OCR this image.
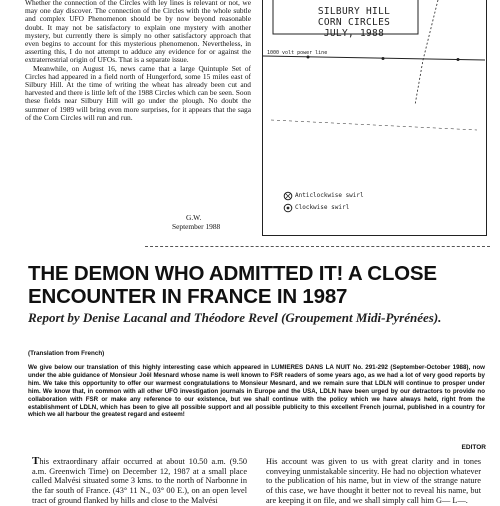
Whether the connection of the Circles with ley lines is relevant or not, we may one day discover. The connection of the Circles with the whole subtle and complex UFO Phenomenon should be by now beyond reasonable doubt. It may not be satisfactory to explain one mystery with another mystery, but currently there is simply no other satisfactory approach that even begins to account for this mysterious phenomenon. Nevertheless, in asserting this, I do not attempt to adduce any evidence for or against the extraterrestrial origin of UFOs. That is a separate issue.

Meanwhile, on August 16, news came that a large Quintuple Set of Circles had appeared in a field north of Hungerford, some 15 miles east of Silbury Hill. At the time of writing the wheat has already been cut and harvested and there is little left of the 1988 Circles which can be seen. Soon these fields near Silbury Hill will go under the plough. No doubt the summer of 1989 will bring even more surprises, for it appears that the saga of the Corn Circles will run and run.

G.W.
September 1988
SILBURY HILL
CORN CIRCLES
JULY, 1988
1000 volt power line
Anticlockwise swirl
Clockwise swirl
THE DEMON WHO ADMITTED IT! A CLOSE ENCOUNTER IN FRANCE IN 1987
Report by Denise Lacanal and Théodore Revel (Groupement Midi-Pyrénées).
(Translation from French)
We give below our translation of this highly interesting case which appeared in LUMIERES DANS LA NUIT No. 291-292 (September-October 1988), now under the able guidance of Monsieur Joël Mesnard whose name is well known to FSR readers of some years ago, as we had a lot of very good reports by him. We take this opportunity to offer our warmest congratulations to Monsieur Mesnard, and we remain sure that LDLN will continue to prosper under him. We know that, in common with all other UFO investigation journals in Europe and the USA, LDLN have been urged by our detractors to provide no collaboration with FSR or make any reference to our existence, but we shall continue with the policy which we have always held, right from the establishment of LDLN, which has been to give all possible support and all possible publicity to this excellent French journal, published in a country for which we all harbour the greatest regard and esteem!
EDITOR
This extraordinary affair occurred at about 10.50 a.m. (9.50 a.m. Greenwich Time) on December 12, 1987 at a small place called Malvési situated some 3 kms. to the north of Narbonne in the far south of France. (43° 11 N., 03° 00 E.), on an open level tract of ground flanked by hills and close to the Malvési
His account was given to us with great clarity and in tones conveying unmistakable sincerity. He had no objection whatever to the publication of his name, but in view of the strange nature of this case, we have thought it better not to reveal his name, but are keeping it on file, and we shall simply call him G— L—.
